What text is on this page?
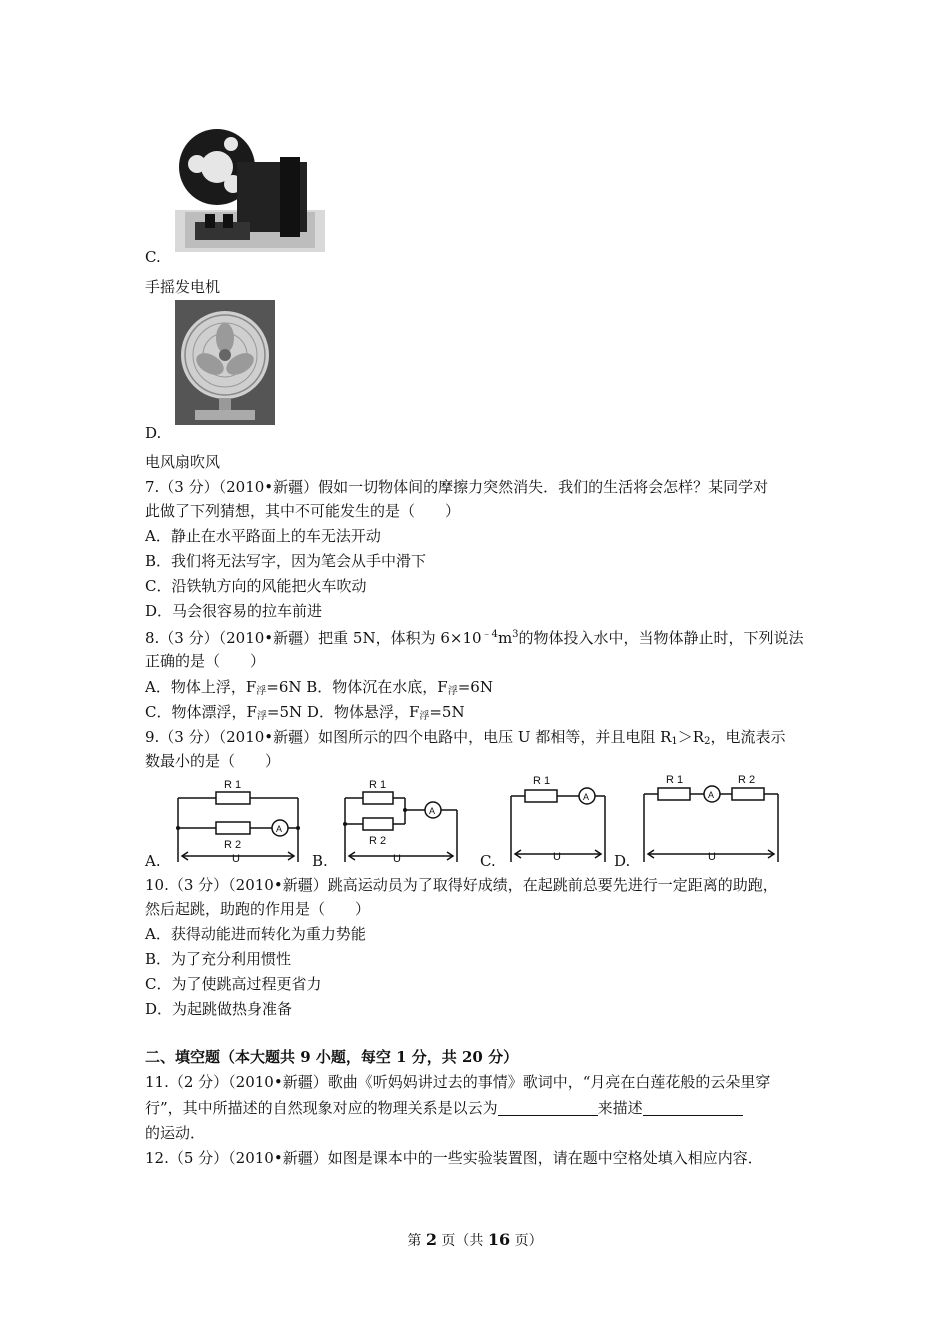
C.
手摇发电机
D.
电风扇吹风
7.（3 分）（2010•新疆）假如一切物体间的摩擦力突然消失．我们的生活将会怎样？某同学对
此做了下列猜想，其中不可能发生的是（　　）
A．静止在水平路面上的车无法开动
B．我们将无法写字，因为笔会从手中滑下
C．沿铁轨方向的风能把火车吹动
D．马会很容易的拉车前进
8.（3 分）（2010•新疆）把重 5N，体积为 $6\times 10^{﹣4}m^3$的物体投入水中，当物体静止时，下列说法
正确的是（　　）
A．物体上浮，$F_浮=6N$ B．物体沉在水底，$F_浮=6N$
C．物体漂浮，$F_浮=5N$ D．物体悬浮，$F_浮=5N$
9.（3 分）（2010•新疆）如图所示的四个电路中，电压 U 都相等，并且电阻 $R_1>R_2$，电流表示
数最小的是（　　）
A.
R 1
R 2
A
U	B.
R 1
R 2
A
U	C.
R 1
A
U	D.
R 1	R 2
A
U
10.（3 分）（2010•新疆）跳高运动员为了取得好成绩，在起跳前总要先进行一定距离的助跑，
然后起跳，助跑的作用是（　　）
A．获得动能进而转化为重力势能
B．为了充分利用惯性
C．为了使跳高过程更省力
D．为起跳做热身准备
二、填空题（本大题共 9 小题，每空 1 分，共 20 分）
11.（2 分）（2010•新疆）歌曲《听妈妈讲过去的事情》歌词中，“月亮在白莲花般的云朵里穿
行”，其中所描述的自然现象对应的物理关系是以云为	来描述
的运动．
12.（5 分）（2010•新疆）如图是课本中的一些实验装置图，请在题中空格处填入相应内容．
第 2 页（共 16 页）
